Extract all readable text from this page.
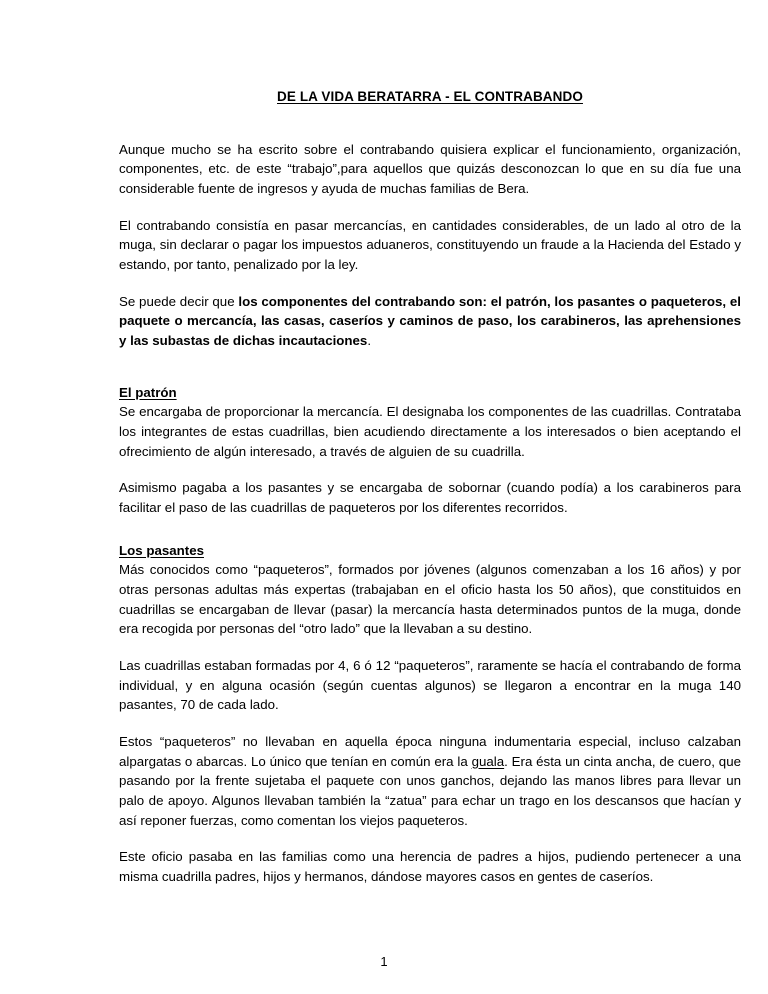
DE LA VIDA BERATARRA - EL CONTRABANDO

Aunque mucho se ha escrito sobre el contrabando quisiera explicar el funcionamiento, organización, componentes, etc. de este “trabajo”,para aquellos que quizás desconozcan lo que en su día fue una considerable fuente de ingresos y ayuda de muchas familias de Bera.

El contrabando consistía en pasar mercancías, en cantidades considerables, de un lado al otro de la muga, sin declarar o pagar los impuestos aduaneros, constituyendo un fraude a la Hacienda del Estado y estando, por tanto, penalizado por la ley.

Se puede decir que los componentes del contrabando son: el patrón, los pasantes o paqueteros, el paquete o mercancía, las casas, caseríos y caminos de paso, los carabineros, las aprehensiones y las subastas de dichas incautaciones.

El patrón

Se encargaba de proporcionar la mercancía. El designaba los componentes de las cuadrillas. Contrataba los integrantes de estas cuadrillas, bien acudiendo directamente a los interesados o bien aceptando el ofrecimiento de algún interesado, a través de alguien de su cuadrilla.

Asimismo pagaba a los pasantes y se encargaba de sobornar (cuando podía) a los carabineros para facilitar el paso de las cuadrillas de paqueteros por los diferentes recorridos.

Los pasantes

Más conocidos como “paqueteros”, formados por jóvenes (algunos comenzaban a los 16 años) y por otras personas adultas más expertas (trabajaban en el oficio hasta los 50 años), que constituidos en cuadrillas se encargaban de llevar (pasar) la mercancía hasta determinados puntos de la muga, donde era recogida por personas del “otro lado” que la llevaban a su destino.

Las cuadrillas estaban formadas por 4, 6 ó 12 “paqueteros”, raramente se hacía el contrabando de forma individual, y en alguna ocasión (según cuentas algunos) se llegaron a encontrar en la muga 140 pasantes, 70 de cada lado.

Estos “paqueteros” no llevaban en aquella época ninguna indumentaria especial, incluso calzaban alpargatas o abarcas. Lo único que tenían en común era la guala. Era ésta un cinta ancha, de cuero, que pasando por la frente sujetaba el paquete con unos ganchos, dejando las manos libres para llevar un palo de apoyo. Algunos llevaban también la “zatua” para echar un trago en los descansos que hacían y así reponer fuerzas, como comentan los viejos paqueteros.

Este oficio pasaba en las familias como una herencia de padres a hijos, pudiendo pertenecer a una misma cuadrilla padres, hijos y hermanos, dándose mayores casos en gentes de caseríos.

1
